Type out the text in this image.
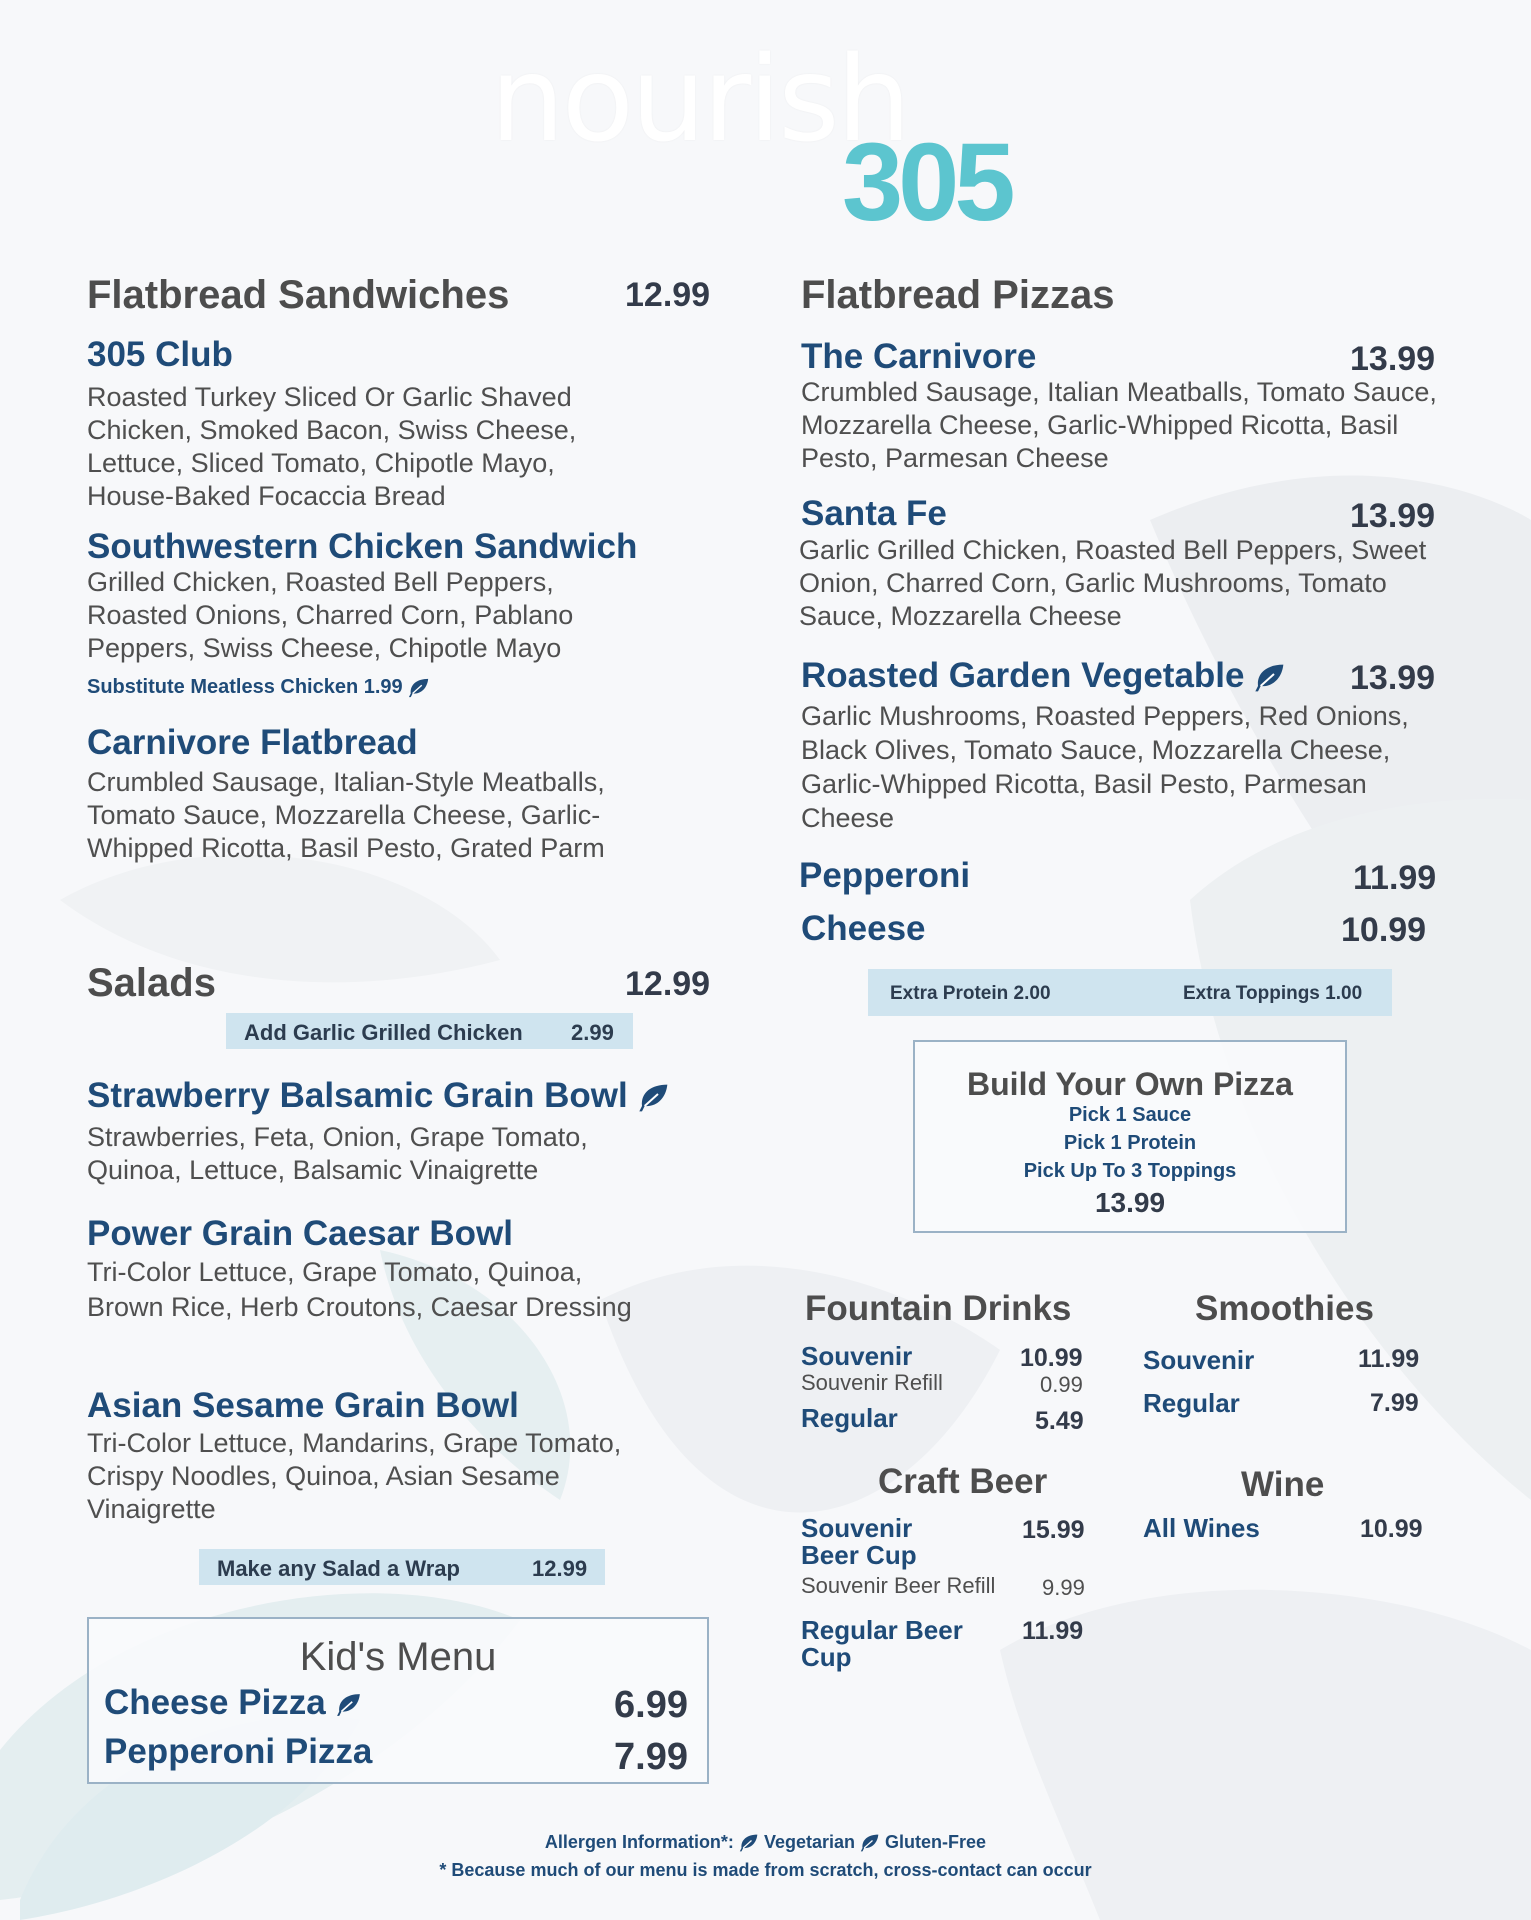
nourish
305
Flatbread Sandwiches	12.99
305 Club
Roasted Turkey Sliced Or Garlic Shaved Chicken, Smoked Bacon, Swiss Cheese, Lettuce, Sliced Tomato, Chipotle Mayo, House-Baked Focaccia Bread
Southwestern Chicken Sandwich
Grilled Chicken, Roasted Bell Peppers, Roasted Onions, Charred Corn, Pablano Peppers, Swiss Cheese, Chipotle Mayo
Substitute Meatless Chicken 1.99
Carnivore Flatbread
Crumbled Sausage, Italian-Style Meatballs, Tomato Sauce, Mozzarella Cheese, Garlic-Whipped Ricotta, Basil Pesto, Grated Parm
Salads	12.99
Add Garlic Grilled Chicken 2.99
Strawberry Balsamic Grain Bowl
Strawberries, Feta, Onion, Grape Tomato, Quinoa, Lettuce, Balsamic Vinaigrette
Power Grain Caesar Bowl
Tri-Color Lettuce, Grape Tomato, Quinoa, Brown Rice, Herb Croutons, Caesar Dressing
Asian Sesame Grain Bowl
Tri-Color Lettuce, Mandarins, Grape Tomato, Crispy Noodles, Quinoa, Asian Sesame Vinaigrette
Make any Salad a Wrap	12.99
Kid's Menu
Cheese Pizza	6.99
Pepperoni Pizza	7.99
Flatbread Pizzas
The Carnivore	13.99
Crumbled Sausage, Italian Meatballs, Tomato Sauce, Mozzarella Cheese, Garlic-Whipped Ricotta, Basil Pesto, Parmesan Cheese
Santa Fe	13.99
Garlic Grilled Chicken, Roasted Bell Peppers, Sweet Onion, Charred Corn, Garlic Mushrooms, Tomato Sauce, Mozzarella Cheese
Roasted Garden Vegetable	13.99
Garlic Mushrooms, Roasted Peppers, Red Onions, Black Olives, Tomato Sauce, Mozzarella Cheese, Garlic-Whipped Ricotta, Basil Pesto, Parmesan Cheese
Pepperoni	11.99
Cheese	10.99
Extra Protein 2.00	Extra Toppings 1.00
Build Your Own Pizza
Pick 1 Sauce
Pick 1 Protein
Pick Up To 3 Toppings
13.99
Fountain Drinks
Souvenir	10.99
Souvenir Refill	0.99
Regular	5.49
Smoothies
Souvenir	11.99
Regular	7.99
Craft Beer
Souvenir
Beer Cup
15.99
Souvenir Beer Refill 9.99
Regular Beer
Cup
11.99
Wine
All Wines	10.99
Allergen Information*: Vegetarian Gluten-Free
* Because much of our menu is made from scratch, cross-contact can occur
